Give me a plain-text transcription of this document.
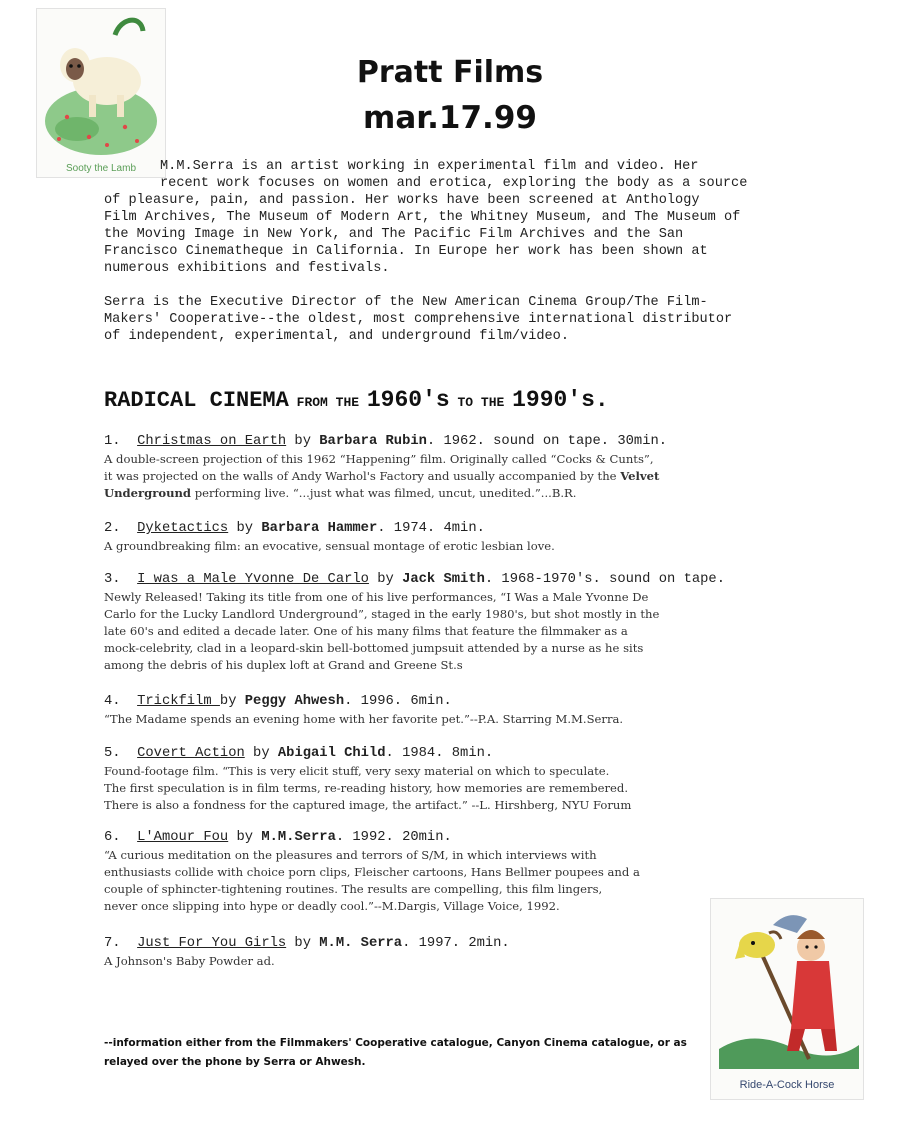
Sooty the Lamb
Pratt Films
mar.17.99
M.M.Serra is an artist working in experimental film and video. Her
recent work focuses on women and erotica, exploring the body as a source
of pleasure, pain, and passion. Her works have been screened at Anthology
Film Archives, The Museum of Modern Art, the Whitney Museum, and The Museum of
the Moving Image in New York, and The Pacific Film Archives and the San
Francisco Cinematheque in California. In Europe her work has been shown at
numerous exhibitions and festivals.
Serra is the Executive Director of the New American Cinema Group/The Film-
Makers' Cooperative--the oldest, most comprehensive international distributor
of independent, experimental, and underground film/video.
RADICAL CINEMA FROM THE 1960's TO THE 1990's.
1. Christmas on Earth by Barbara Rubin. 1962. sound on tape. 30min.
A double-screen projection of this 1962 “Happening” film. Originally called “Cocks & Cunts”,
it was projected on the walls of Andy Warhol's Factory and usually accompanied by the Velvet
Underground performing live. “...just what was filmed, uncut, unedited.”...B.R.
2. Dyketactics by Barbara Hammer. 1974. 4min.
A groundbreaking film: an evocative, sensual montage of erotic lesbian love.
3. I was a Male Yvonne De Carlo by Jack Smith. 1968-1970's. sound on tape.
Newly Released! Taking its title from one of his live performances, “I Was a Male Yvonne De
Carlo for the Lucky Landlord Underground”, staged in the early 1980's, but shot mostly in the
late 60's and edited a decade later. One of his many films that feature the filmmaker as a
mock-celebrity, clad in a leopard-skin bell-bottomed jumpsuit attended by a nurse as he sits
among the debris of his duplex loft at Grand and Greene St.s
4. Trickfilm by Peggy Ahwesh. 1996. 6min.
“The Madame spends an evening home with her favorite pet.”--P.A. Starring M.M.Serra.
5. Covert Action by Abigail Child. 1984. 8min.
Found-footage film. “This is very elicit stuff, very sexy material on which to speculate.
The first speculation is in film terms, re-reading history, how memories are remembered.
There is also a fondness for the captured image, the artifact.” --L. Hirshberg, NYU Forum
6. L'Amour Fou by M.M.Serra. 1992. 20min.
“A curious meditation on the pleasures and terrors of S/M, in which interviews with
enthusiasts collide with choice porn clips, Fleischer cartoons, Hans Bellmer poupees and a
couple of sphincter-tightening routines. The results are compelling, this film lingers,
never once slipping into hype or deadly cool.”--M.Dargis, Village Voice, 1992.
7. Just For You Girls by M.M. Serra. 1997. 2min.
A Johnson's Baby Powder ad.
Ride-A-Cock Horse
--information either from the Filmmakers' Cooperative catalogue, Canyon Cinema catalogue, or as relayed over the phone by Serra or Ahwesh.
